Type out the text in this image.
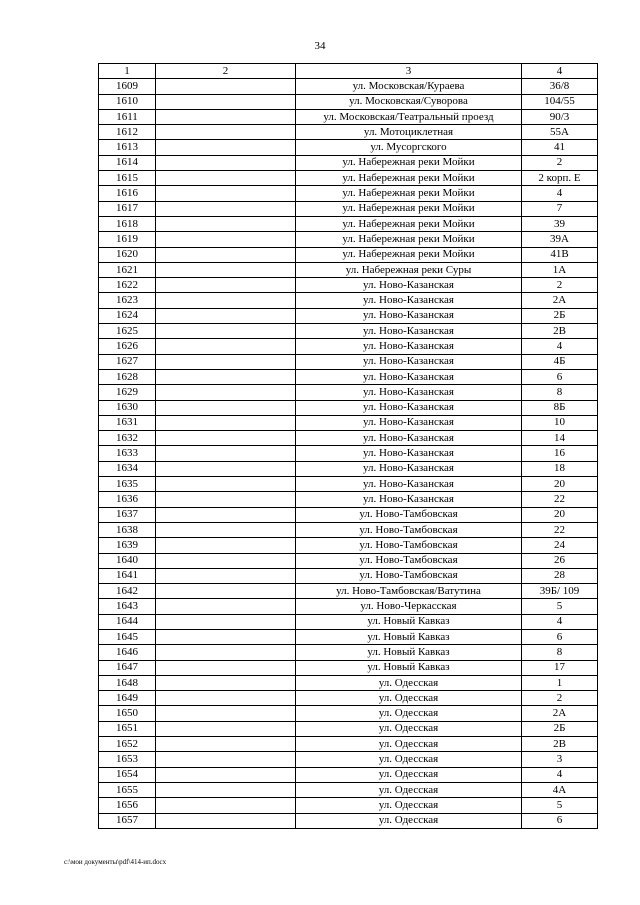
34
1	2	3	4
1609		ул. Московская/Кураева	36/8
1610		ул. Московская/Суворова	104/55
1611		ул. Московская/Театральный проезд	90/3
1612		ул. Мотоциклетная	55А
1613		ул. Мусоргского	41
1614		ул. Набережная реки Мойки	2
1615		ул. Набережная реки Мойки	2 корп. Е
1616		ул. Набережная реки Мойки	4
1617		ул. Набережная реки Мойки	7
1618		ул. Набережная реки Мойки	39
1619		ул. Набережная реки Мойки	39А
1620		ул. Набережная реки Мойки	41В
1621		ул. Набережная реки Суры	1А
1622		ул. Ново-Казанская	2
1623		ул. Ново-Казанская	2А
1624		ул. Ново-Казанская	2Б
1625		ул. Ново-Казанская	2В
1626		ул. Ново-Казанская	4
1627		ул. Ново-Казанская	4Б
1628		ул. Ново-Казанская	6
1629		ул. Ново-Казанская	8
1630		ул. Ново-Казанская	8Б
1631		ул. Ново-Казанская	10
1632		ул. Ново-Казанская	14
1633		ул. Ново-Казанская	16
1634		ул. Ново-Казанская	18
1635		ул. Ново-Казанская	20
1636		ул. Ново-Казанская	22
1637		ул. Ново-Тамбовская	20
1638		ул. Ново-Тамбовская	22
1639		ул. Ново-Тамбовская	24
1640		ул. Ново-Тамбовская	26
1641		ул. Ново-Тамбовская	28
1642		ул. Ново-Тамбовская/Ватутина	39Б/ 109
1643		ул. Ново-Черкасская	5
1644		ул. Новый Кавказ	4
1645		ул. Новый Кавказ	6
1646		ул. Новый Кавказ	8
1647		ул. Новый Кавказ	17
1648		ул. Одесская	1
1649		ул. Одесская	2
1650		ул. Одесская	2А
1651		ул. Одесская	2Б
1652		ул. Одесская	2В
1653		ул. Одесская	3
1654		ул. Одесская	4
1655		ул. Одесская	4А
1656		ул. Одесская	5
1657		ул. Одесская	6
c:\мои документы\pdf\414-ип.docx
